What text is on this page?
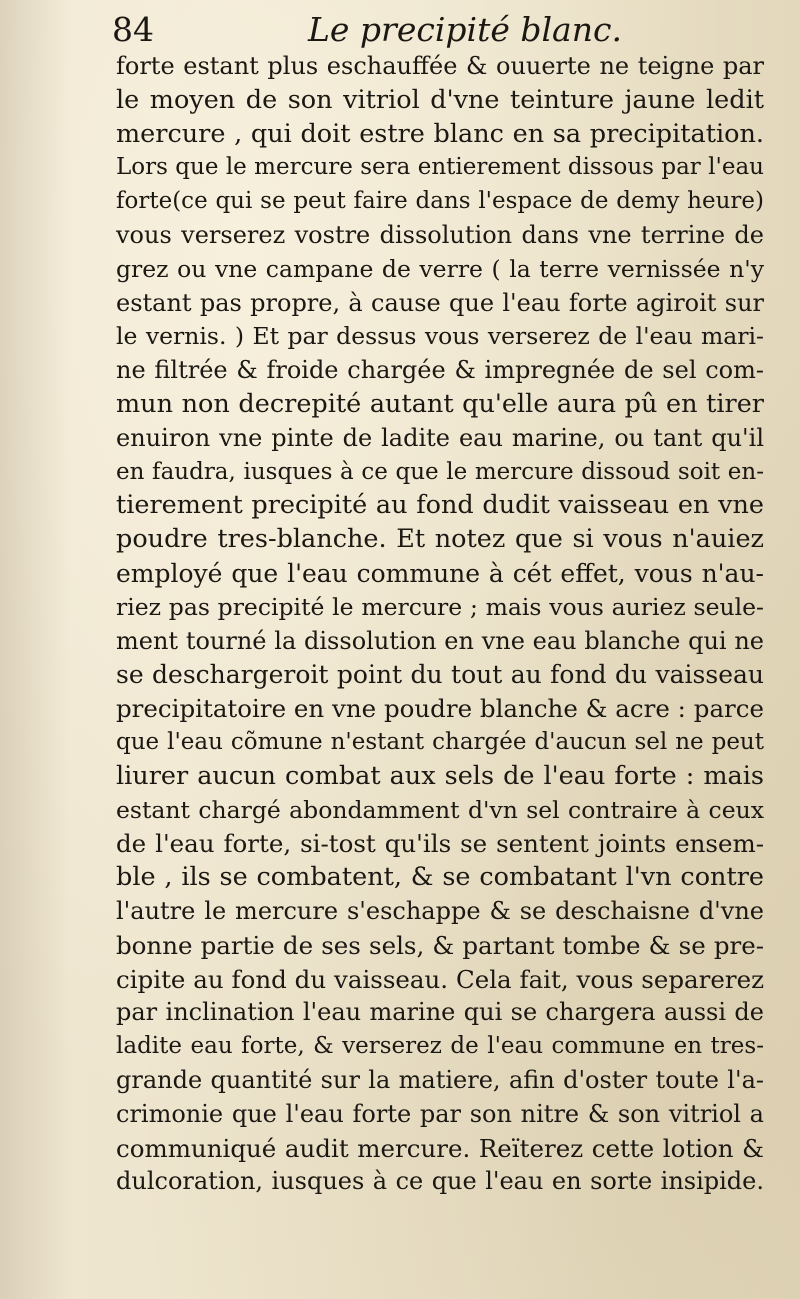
84	Le precipité blanc.
forte estant plus eschauffée & ouuerte ne teigne par
le moyen de son vitriol d'vne teinture jaune ledit
mercure , qui doit estre blanc en sa precipitation.
Lors que le mercure sera entierement dissous par l'eau
forte(ce qui se peut faire dans l'espace de demy heure)
vous verserez vostre dissolution dans vne terrine de
grez ou vne campane de verre ( la terre vernissée n'y
estant pas propre, à cause que l'eau forte agiroit sur
le vernis. ) Et par dessus vous verserez de l'eau mari-
ne filtrée & froide chargée & impregnée de sel com-
mun non decrepité autant qu'elle aura pû en tirer
enuiron vne pinte de ladite eau marine, ou tant qu'il
en faudra, iusques à ce que le mercure dissoud soit en-
tierement precipité au fond dudit vaisseau en vne
poudre tres-blanche. Et notez que si vous n'auiez
employé que l'eau commune à cét effet, vous n'au-
riez pas precipité le mercure ; mais vous auriez seule-
ment tourné la dissolution en vne eau blanche qui ne
se deschargeroit point du tout au fond du vaisseau
precipitatoire en vne poudre blanche & acre : parce
que l'eau cõmune n'estant chargée d'aucun sel ne peut
liurer aucun combat aux sels de l'eau forte : mais
estant chargé abondamment d'vn sel contraire à ceux
de l'eau forte, si-tost qu'ils se sentent joints ensem-
ble , ils se combatent, & se combatant l'vn contre
l'autre le mercure s'eschappe & se deschaisne d'vne
bonne partie de ses sels, & partant tombe & se pre-
cipite au fond du vaisseau. Cela fait, vous separerez
par inclination l'eau marine qui se chargera aussi de
ladite eau forte, & verserez de l'eau commune en tres-
grande quantité sur la matiere, afin d'oster toute l'a-
crimonie que l'eau forte par son nitre & son vitriol a
communiqué audit mercure. Reïterez cette lotion &
dulcoration, iusques à ce que l'eau en sorte insipide.
